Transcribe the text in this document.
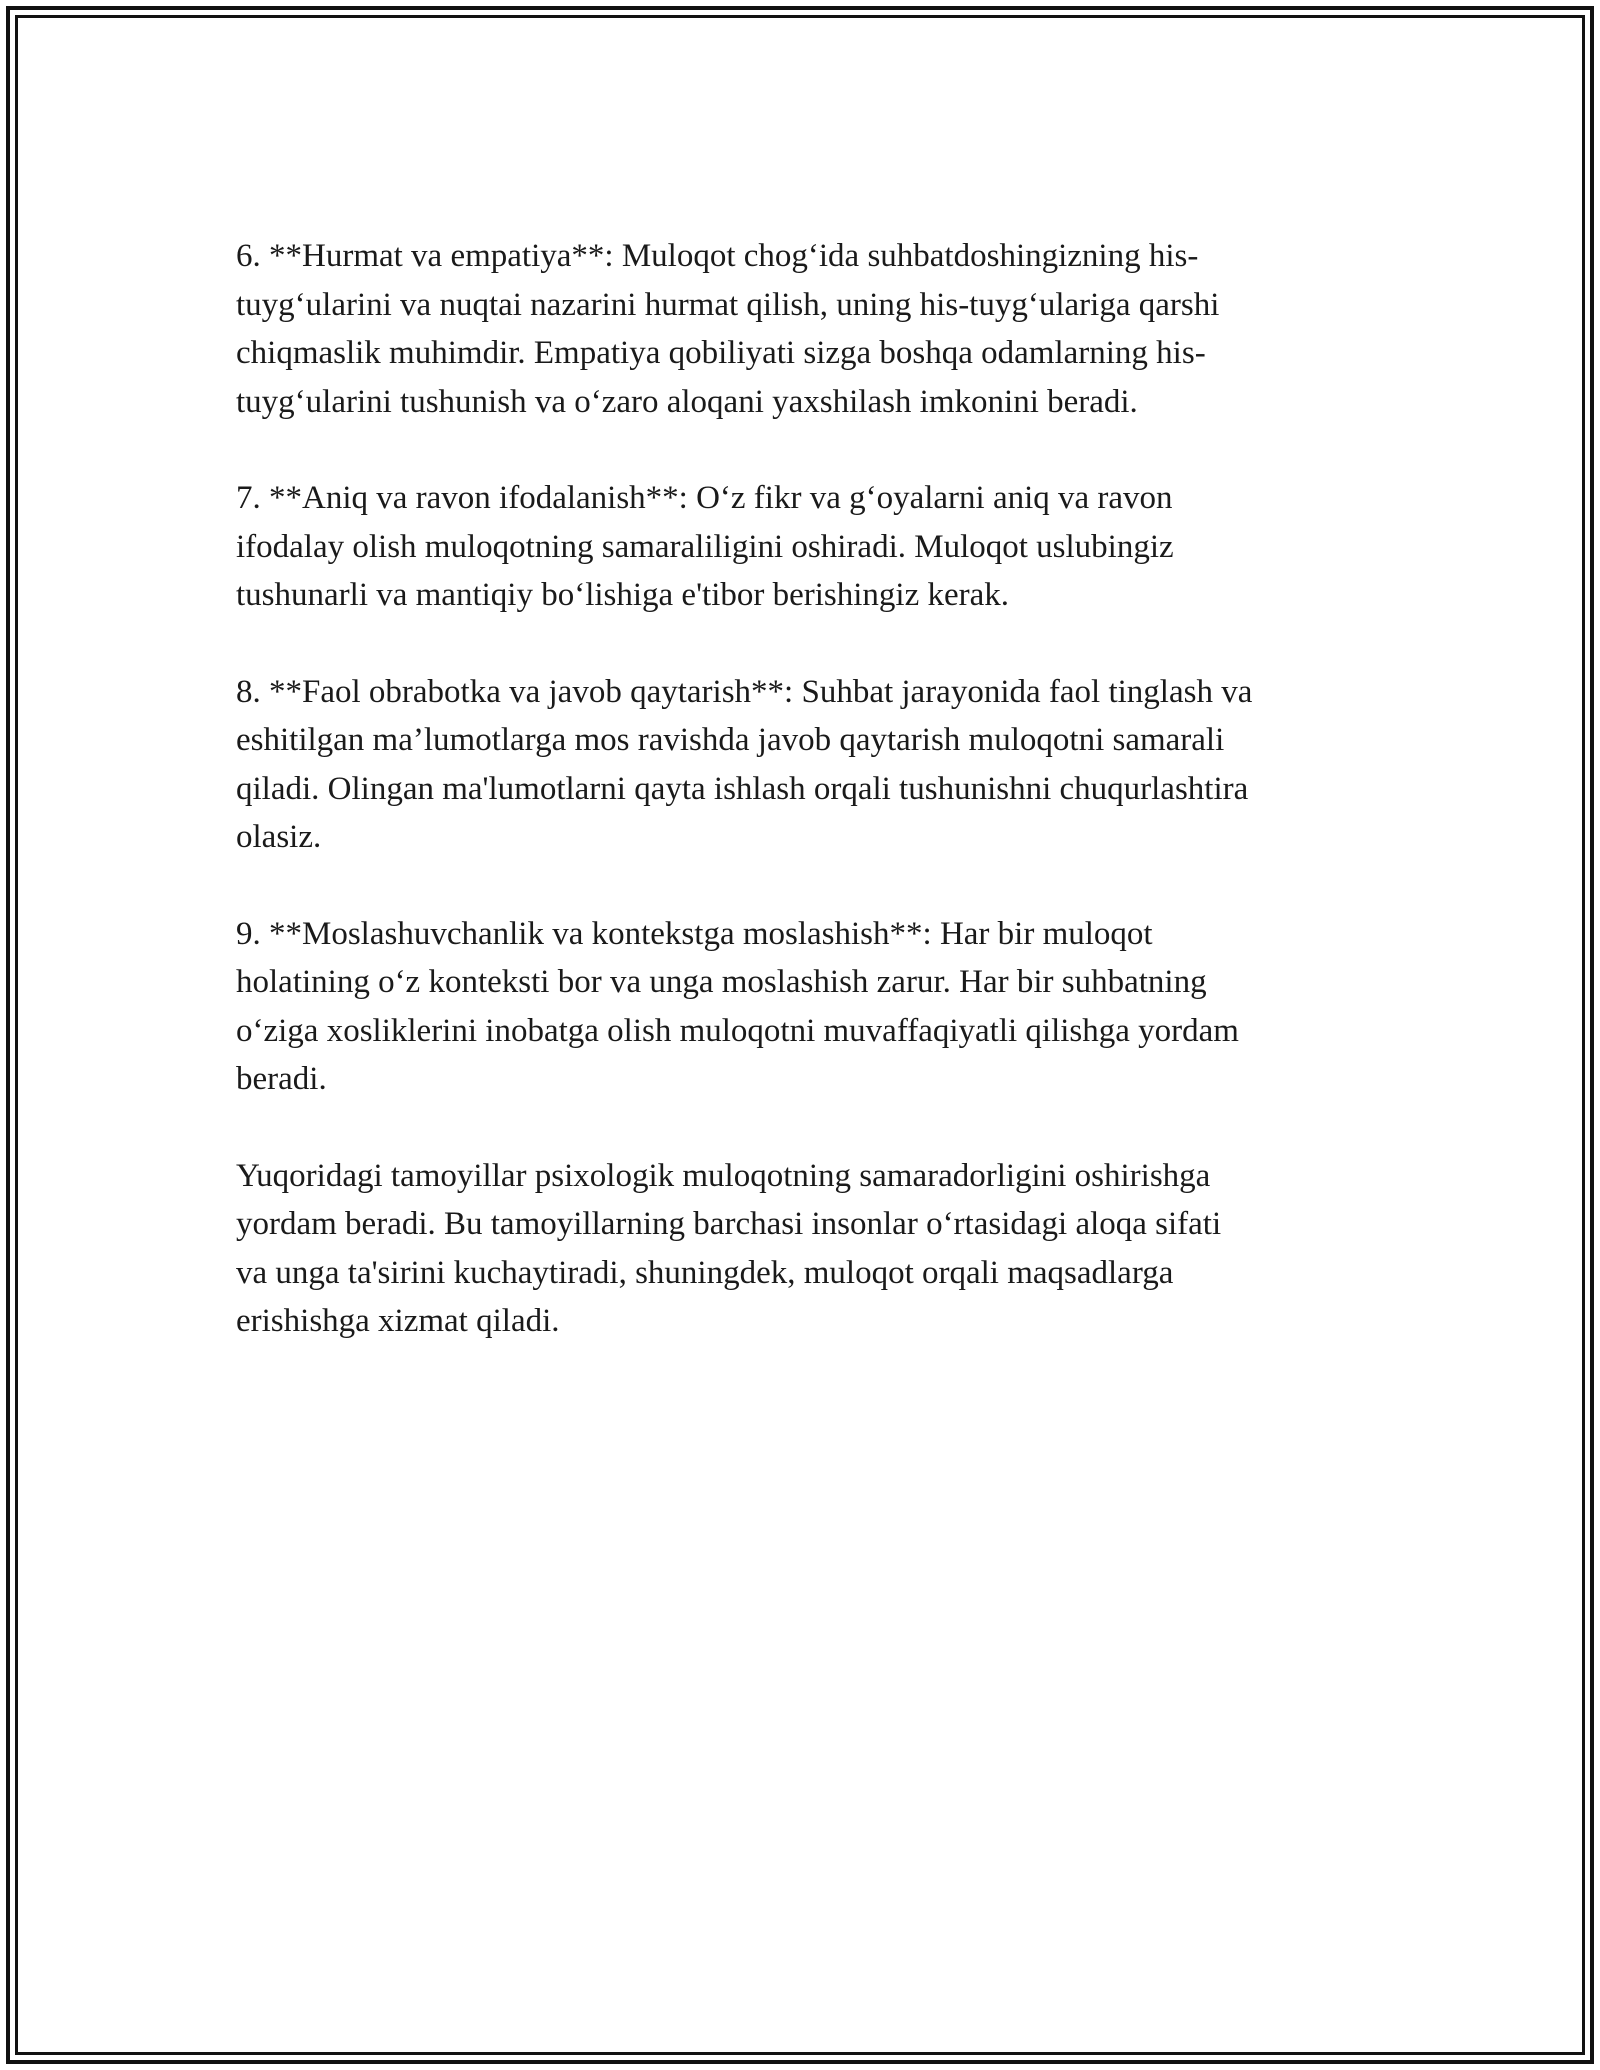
6. **Hurmat va empatiya**: Muloqot chog‘ida suhbatdoshingizning his-
tuyg‘ularini va nuqtai nazarini hurmat qilish, uning his-tuyg‘ulariga qarshi
chiqmaslik muhimdir. Empatiya qobiliyati sizga boshqa odamlarning his-
tuyg‘ularini tushunish va o‘zaro aloqani yaxshilash imkonini beradi.

7. **Aniq va ravon ifodalanish**: O‘z fikr va g‘oyalarni aniq va ravon
ifodalay olish muloqotning samaraliligini oshiradi. Muloqot uslubingiz
tushunarli va mantiqiy bo‘lishiga e'tibor berishingiz kerak.

8. **Faol obrabotka va javob qaytarish**: Suhbat jarayonida faol tinglash va
eshitilgan ma’lumotlarga mos ravishda javob qaytarish muloqotni samarali
qiladi. Olingan ma'lumotlarni qayta ishlash orqali tushunishni chuqurlashtira
olasiz.

9. **Moslashuvchanlik va kontekstga moslashish**: Har bir muloqot
holatining o‘z konteksti bor va unga moslashish zarur. Har bir suhbatning
o‘ziga xosliklerini inobatga olish muloqotni muvaffaqiyatli qilishga yordam
beradi.

Yuqoridagi tamoyillar psixologik muloqotning samaradorligini oshirishga
yordam beradi. Bu tamoyillarning barchasi insonlar o‘rtasidagi aloqa sifati
va unga ta'sirini kuchaytiradi, shuningdek, muloqot orqali maqsadlarga
erishishga xizmat qiladi.
